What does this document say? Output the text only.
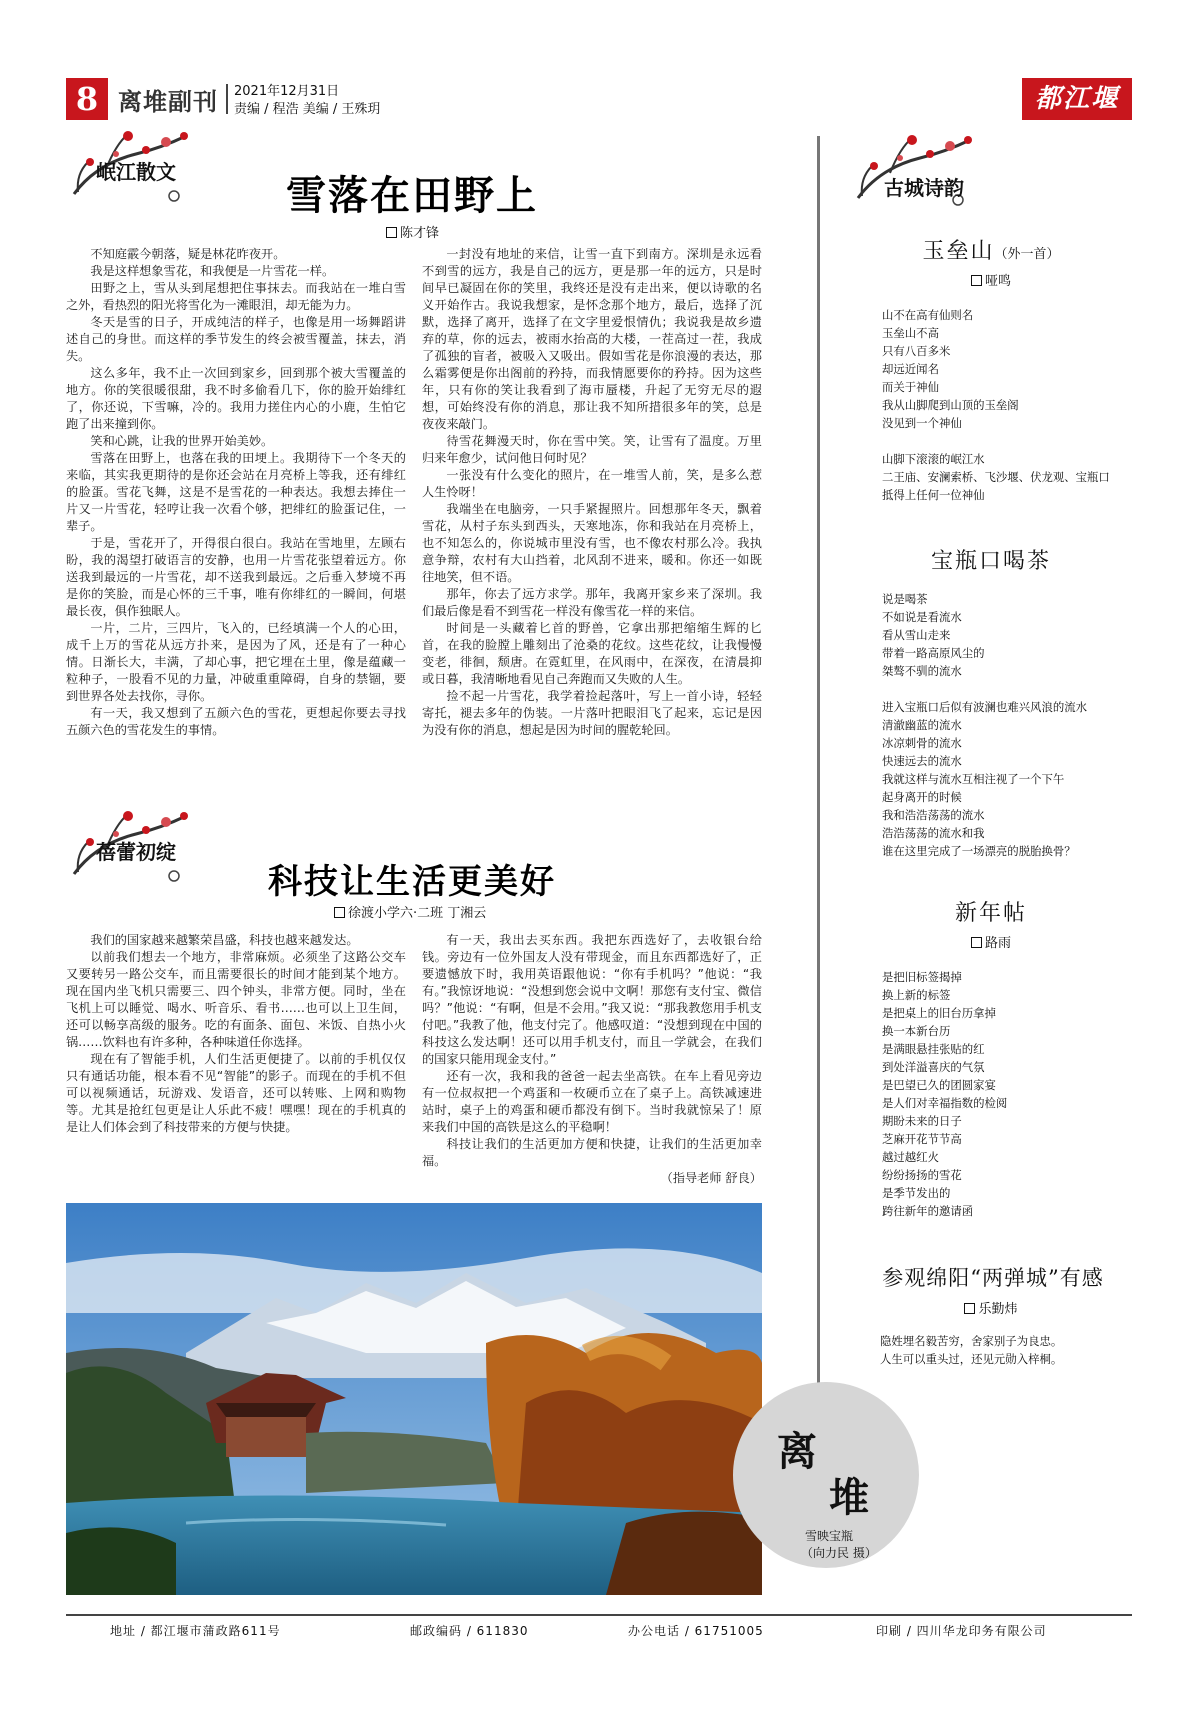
8 离堆副刊 2021年12月31日
责编 / 程浩 美编 / 王殊玥	都江堰报
岷江散文	雪落在田野上
陈才锋

不知庭霰今朝落，疑是林花昨夜开。

我是这样想象雪花，和我便是一片雪花一样。

田野之上，雪从头到尾想把住事抹去。而我站在一堆白雪之外，看热烈的阳光将雪化为一滩眼泪，却无能为力。

冬天是雪的日子，开成纯洁的样子，也像是用一场舞蹈讲述自己的身世。而这样的季节发生的终会被雪覆盖，抹去，消失。

这么多年，我不止一次回到家乡，回到那个被大雪覆盖的地方。你的笑很暖很甜，我不时多偷看几下，你的脸开始绯红了，你还说，下雪嘛，冷的。我用力搓住内心的小鹿，生怕它跑了出来撞到你。

笑和心跳，让我的世界开始美妙。

雪落在田野上，也落在我的田埂上。我期待下一个冬天的来临，其实我更期待的是你还会站在月亮桥上等我，还有绯红的脸蛋。雪花飞舞，这是不是雪花的一种表达。我想去捧住一片又一片雪花，轻哼让我一次看个够，把绯红的脸蛋记住，一辈子。

于是，雪花开了，开得很白很白。我站在雪地里，左顾右盼，我的渴望打破语言的安静，也用一片雪花张望着远方。你送我到最远的一片雪花，却不送我到最远。之后垂入梦境不再是你的笑脸，而是心怀的三千事，唯有你绯红的一瞬间，何堪最长夜，俱作独眠人。

一片，二片，三四片，飞入的，已经填满一个人的心田，成千上万的雪花从远方扑来，是因为了风，还是有了一种心情。日渐长大，丰满，了却心事，把它埋在土里，像是蕴藏一粒种子，一股看不见的力量，冲破重重障碍，自身的禁锢，要到世界各处去找你，寻你。

有一天，我又想到了五颜六色的雪花，更想起你要去寻找五颜六色的雪花发生的事情。

一封没有地址的来信，让雪一直下到南方。深圳是永远看不到雪的远方，我是自己的远方，更是那一年的远方，只是时间早已凝固在你的笑里，我终还是没有走出来，便以诗歌的名义开始作古。我说我想家，是怀念那个地方，最后，选择了沉默，选择了离开，选择了在文字里爱恨情仇；我说我是故乡遗弃的草，你的远去，被雨水抬高的大楼，一茬高过一茬，我成了孤独的盲者，被吸入又吸出。假如雪花是你浪漫的表达，那么霜雾便是你出阁前的矜持，而我情愿要你的矜持。因为这些年，只有你的笑让我看到了海市蜃楼，升起了无穷无尽的遐想，可始终没有你的消息，那让我不知所措很多年的笑，总是夜夜来敲门。

待雪花舞漫天时，你在雪中笑。笑，让雪有了温度。万里归来年愈少，试问他日何时见？

一张没有什么变化的照片，在一堆雪人前，笑，是多么惹人生怜呀！

我端坐在电脑旁，一只手紧握照片。回想那年冬天，飘着雪花，从村子东头到西头，天寒地冻，你和我站在月亮桥上，也不知怎么的，你说城市里没有雪，也不像农村那么冷。我执意争辩，农村有大山挡着，北风刮不进来，暖和。你还一如既往地笑，但不语。

那年，你去了远方求学。那年，我离开家乡来了深圳。我们最后像是看不到雪花一样没有像雪花一样的来信。

时间是一头藏着匕首的野兽，它拿出那把缩缩生辉的匕首，在我的脸膛上雕刻出了沧桑的花纹。这些花纹，让我慢慢变老，徘徊，颓唐。在霓虹里，在风雨中，在深夜，在清晨抑或日暮，我清晰地看见自己奔跑而又失败的人生。

捡不起一片雪花，我学着捡起落叶，写上一首小诗，轻轻寄托，褪去多年的伪装。一片落叶把眼泪飞了起来，忘记是因为没有你的消息，想起是因为时间的腥乾轮回。

蓓蕾初绽
科技让生活更美好
徐渡小学六·二班 丁湘云

我们的国家越来越繁荣昌盛，科技也越来越发达。

以前我们想去一个地方，非常麻烦。必须坐了这路公交车又要转另一路公交车，而且需要很长的时间才能到某个地方。现在国内坐飞机只需要三、四个钟头，非常方便。同时，坐在飞机上可以睡觉、喝水、听音乐、看书……也可以上卫生间，还可以畅享高级的服务。吃的有面条、面包、米饭、自热小火锅……饮料也有许多种，各种味道任你选择。

现在有了智能手机，人们生活更便捷了。以前的手机仅仅只有通话功能，根本看不见“智能”的影子。而现在的手机不但可以视频通话，玩游戏、发语音，还可以转账、上网和购物等。尤其是抢红包更是让人乐此不疲！嘿嘿！现在的手机真的是让人们体会到了科技带来的方便与快捷。

有一天，我出去买东西。我把东西选好了，去收银台给钱。旁边有一位外国友人没有带现金，而且东西都选好了，正要遗憾放下时，我用英语跟他说：“你有手机吗？”他说：“我有。”我惊讶地说：“没想到您会说中文啊！那您有支付宝、微信吗？”他说：“有啊，但是不会用。”我又说：“那我教您用手机支付吧。”我教了他，他支付完了。他感叹道：“没想到现在中国的科技这么发达啊！还可以用手机支付，而且一学就会，在我们的国家只能用现金支付。”

还有一次，我和我的爸爸一起去坐高铁。在车上看见旁边有一位叔叔把一个鸡蛋和一枚硬币立在了桌子上。高铁减速进站时，桌子上的鸡蛋和硬币都没有倒下。当时我就惊呆了！原来我们中国的高铁是这么的平稳啊！

科技让我们的生活更加方便和快捷，让我们的生活更加幸福。

（指导老师 舒良）
古城诗韵
玉垒山（外一首）
哑鸣
山不在高有仙则名
玉垒山不高
只有八百多米
却远近闻名
而关于神仙
我从山脚爬到山顶的玉垒阁
没见到一个神仙
山脚下滚滚的岷江水
二王庙、安澜索桥、飞沙堰、伏龙观、宝瓶口
抵得上任何一位神仙
宝瓶口喝茶
说是喝茶
不如说是看流水
看从雪山走来
带着一路高原风尘的
桀骜不驯的流水
进入宝瓶口后似有波澜也难兴风浪的流水
清澈幽蓝的流水
冰凉刺骨的流水
快速远去的流水
我就这样与流水互相注视了一个下午
起身离开的时候
我和浩浩荡荡的流水
浩浩荡荡的流水和我
谁在这里完成了一场漂亮的脱胎换骨？
新年帖
路雨
是把旧标签揭掉
换上新的标签
是把桌上的旧台历拿掉
换一本新台历
是满眼悬挂张贴的红
到处洋溢喜庆的气氛
是巴望已久的团圆家宴
是人们对幸福指数的检阅
期盼未来的日子
芝麻开花节节高
越过越红火
纷纷扬扬的雪花
是季节发出的
跨往新年的邀请函
参观绵阳“两弹城”有感
乐勤炜
隐姓埋名毅苦穷，舍家别子为良忠。
人生可以重头过，还见元勋入梓桐。
离
堆
雪映宝瓶
（向力民 摄）
地址 / 都江堰市蒲政路611号	邮政编码 / 611830	办公电话 / 61751005	印刷 / 四川华龙印务有限公司
